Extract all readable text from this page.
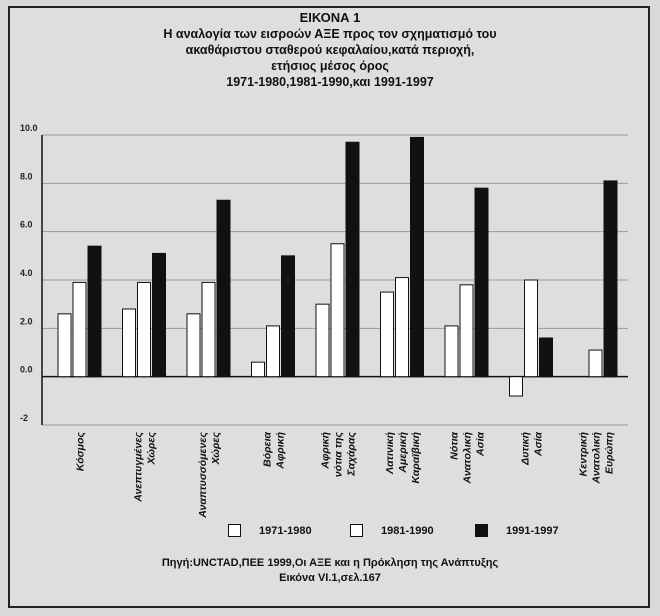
ΕΙΚΟΝΑ 1
Η αναλογία των εισροών ΑΞΕ προς τον σχηματισμό του
ακαθάριστου σταθερού κεφαλαίου,κατά περιοχή,
ετήσιος μέσος όρος
1971-1980,1981-1990,και 1991-1997
10.0
8.0
6.0
4.0
2.0
0.0
-2
Κόσμος	ΑνεπτυγμένεςΧώρες	ΑναπτυσσόμενεςΧώρες	ΒόρειαΑφρική	Αφρικήνότια τηςΣαχάρας	ΛατινικήΑμερικήΚαραϊβική	ΝότιαΑνατολικήΑσία	ΔυτικήΑσία	ΚεντρικήΑνατολικήΕυρώπη
1971-1980	1981-1990	1991-1997
Πηγή:UNCTAD,ΠΕΕ 1999,Οι ΑΞΕ και η Πρόκληση της Ανάπτυξης
Εικόνα VI.1,σελ.167
